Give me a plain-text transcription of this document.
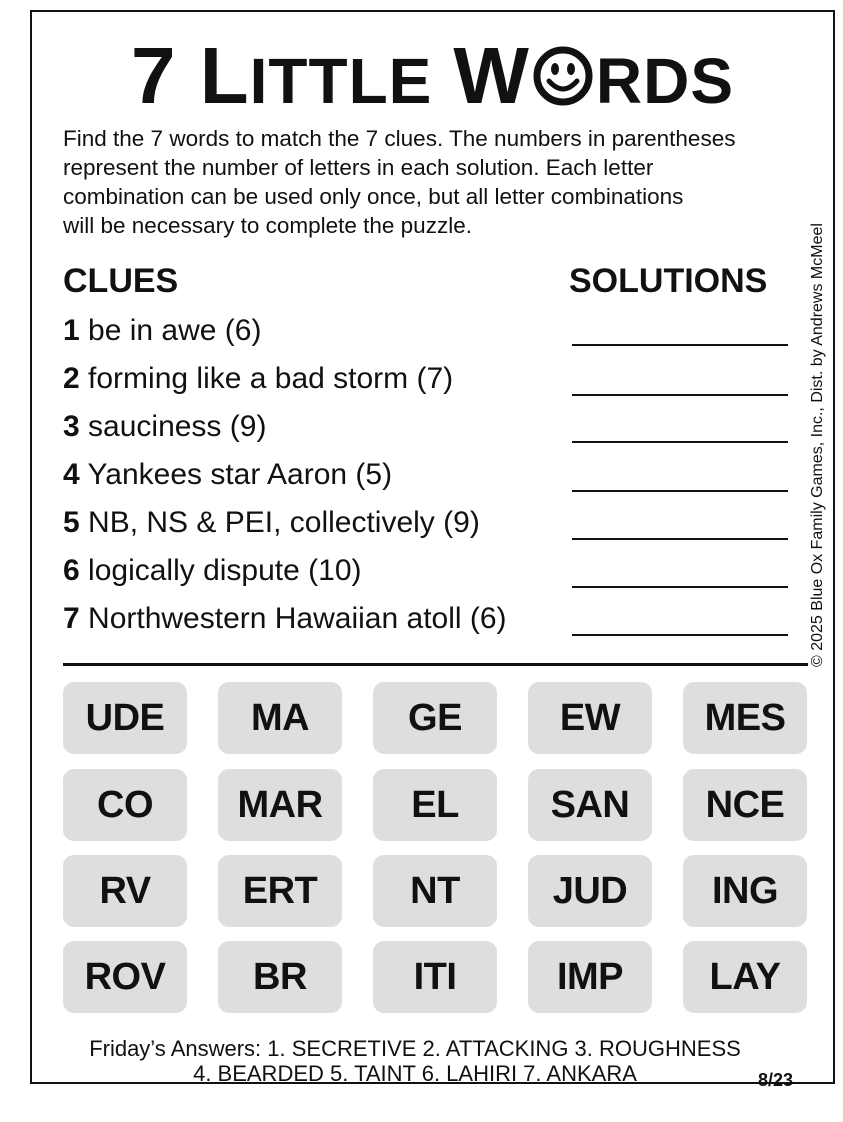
7 LITTLE W RDS

Find the 7 words to match the 7 clues. The numbers in parentheses

represent the number of letters in each solution. Each letter

combination can be used only once, but all letter combinations

will be necessary to complete the puzzle.	© 2025 Blue Ox Family Games, Inc., Dist. by Andrews McMeel
CLUES	SOLUTIONS
1 be in awe (6)
2 forming like a bad storm (7)
3 sauciness (9)
4 Yankees star Aaron (5)
5 NB, NS & PEI, collectively (9)
6 logically dispute (10)
7 Northwestern Hawaiian atoll (6)
UDE	MA	GE	EW	MES
CO	MAR	EL	SAN	NCE
RV	ERT	NT	JUD	ING
ROV	BR	ITI	IMP	LAY
Friday’s Answers: 1. SECRETIVE 2. ATTACKING 3. ROUGHNESS
4. BEARDED 5. TAINT 6. LAHIRI 7. ANKARA	8/23
